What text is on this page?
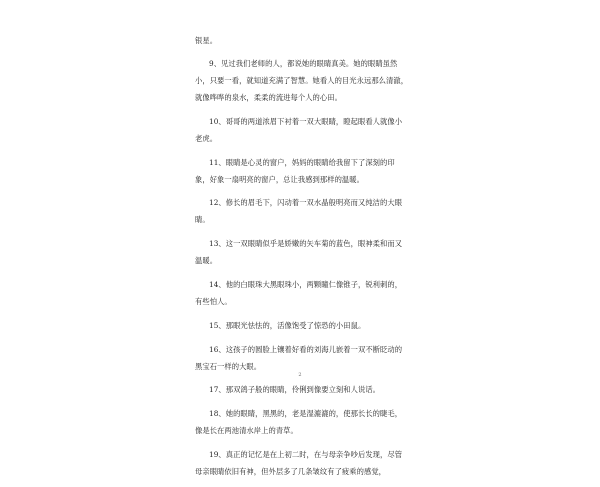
银星。

9、见过我们老师的人，都说她的眼睛真美。她的眼睛虽然小，只要一看，就知道充满了智慧。她看人的目光永远那么清澈，就像哗哗的泉水，柔柔的流进每个人的心田。

10、哥哥的两道浓眉下衬着一双大眼睛，瞪起眼看人就像小老虎。

11、眼睛是心灵的窗户，妈妈的眼睛给我留下了深刻的印象，好象一扇明亮的窗户，总让我感到那样的温暖。

12、修长的眉毛下，闪动着一双水晶般明亮而又纯洁的大眼睛。

13、这一双眼睛似乎是娇嫩的矢车菊的蓝色，眼神柔和而又温暖。

14、他的白眼珠大黑眼珠小，两颗瞳仁像锥子，锐利刺的，有些怕人。

15、那眼光怯怯的，活像饱受了惊恐的小田鼠。

16、这孩子的圆脸上镶着好看的刘海儿嵌着一双不断眨动的黑宝石一样的大眼。

17、那双鸽子般的眼睛，伶俐到像要立刻和人说话。

18、她的眼睛，黑黑的，老是湿漉漉的，使那长长的睫毛，像是长在两池清水岸上的青草。

19、真正的记忆是在上初二时，在与母亲争吵后发现，尽管母亲眼睛依旧有神，但外层多了几条皱纹有了疲乘的感觉，

2
